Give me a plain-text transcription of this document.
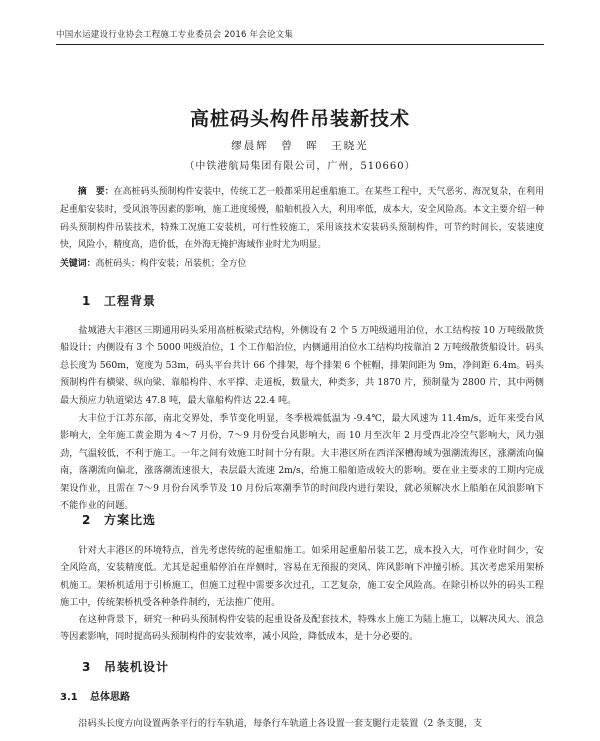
中国水运建设行业协会工程施工专业委员会 2016 年会论文集
高桩码头构件吊装新技术
缪晨辉　曾　晖　王晓光
（中铁港航局集团有限公司，广州，510660）
摘　要：在高桩码头预制构件安装中，传统工艺一般都采用起重船施工。在某些工程中，天气恶劣、海况复杂，在利用起重船安装时，受风浪等因素的影响，施工进度缓慢，船舶机投入大，利用率低，成本大，安全风险高。本文主要介绍一种码头预制构件吊装技术，特殊工况施工安装机，可行性较施工，采用该技术安装码头预制构件，可节约时间长，安装速度快，风险小，精度高，造价低，在外海无掩护海域作业时尤为明显。
关键词：高桩码头；构件安装；吊装机；全方位
1 工程背景

盐城港大丰港区三期通用码头采用高桩板梁式结构，外侧设有 2 个 5 万吨级通用泊位，水工结构按 10 万吨级散货船设计；内侧设有 3 个 5000 吨级泊位，1 个工作船泊位，内侧通用泊位水工结构均按靠泊 2 万吨级散货船设计。码头总长度为 560m，宽度为 53m，码头平台共计 66 个排架，每个排架 6 个桩帽，排架间距为 9m，净间距 6.4m。码头预制构件有横梁、纵向梁、靠船构件、水平撑、走道板，数量大，种类多，共 1870 片，预制量为 2800 片，其中两侧最大预应力轨道梁达 47.8 吨，最大靠船构件达 22.4 吨。

大丰位于江苏东部，南北交界处，季节变化明显，冬季极端低温为 -9.4℃，最大风速为 11.4m/s，近年来受台风影响大，全年施工黄金期为 4～7 月份，7～9 月份受台风影响大，而 10 月至次年 2 月受西北冷空气影响大，风力强劲，气温较低，不利于施工。一年之间有效施工时间十分有限。大丰港区所在西洋深槽海域为强潮流海区，涨潮流向偏南，落潮流向偏北，涨落潮流速很大，表层最大流速 2m/s，给施工船舶造成较大的影响。要在业主要求的工期内完成架设作业，且需在 7～9 月份台风季节及 10 月份后寒潮季节的时间段内进行架设，就必须解决水上船舶在风浪影响下不能作业的问题。

2 方案比选

针对大丰港区的环境特点，首先考虑传统的起重船施工。如采用起重船吊装工艺，成本投入大，可作业时间少，安全风险高，安装精度低。尤其是起重船停泊在岸侧时，容易在无预报的突风、阵风影响下冲撞引桥。其次考虑采用架桥机施工。架桥机适用于引桥施工，但施工过程中需要多次过孔，工艺复杂，施工安全风险高。在除引桥以外的码头工程施工中，传统架桥机受各种条件制约，无法推广使用。

在这种背景下，研究一种码头预制构件安装的起重设备及配套技术，特殊水上施工为陆上施工，以解决风大、浪急等因素影响，同时提高码头预制构件的安装效率，减小风险，降低成本，是十分必要的。

3 吊装机设计
3.1 总体思路

沿码头长度方向设置两条平行的行车轨道，每条行车轨道上各设置一套支腿行走装置（2 条支腿，支
